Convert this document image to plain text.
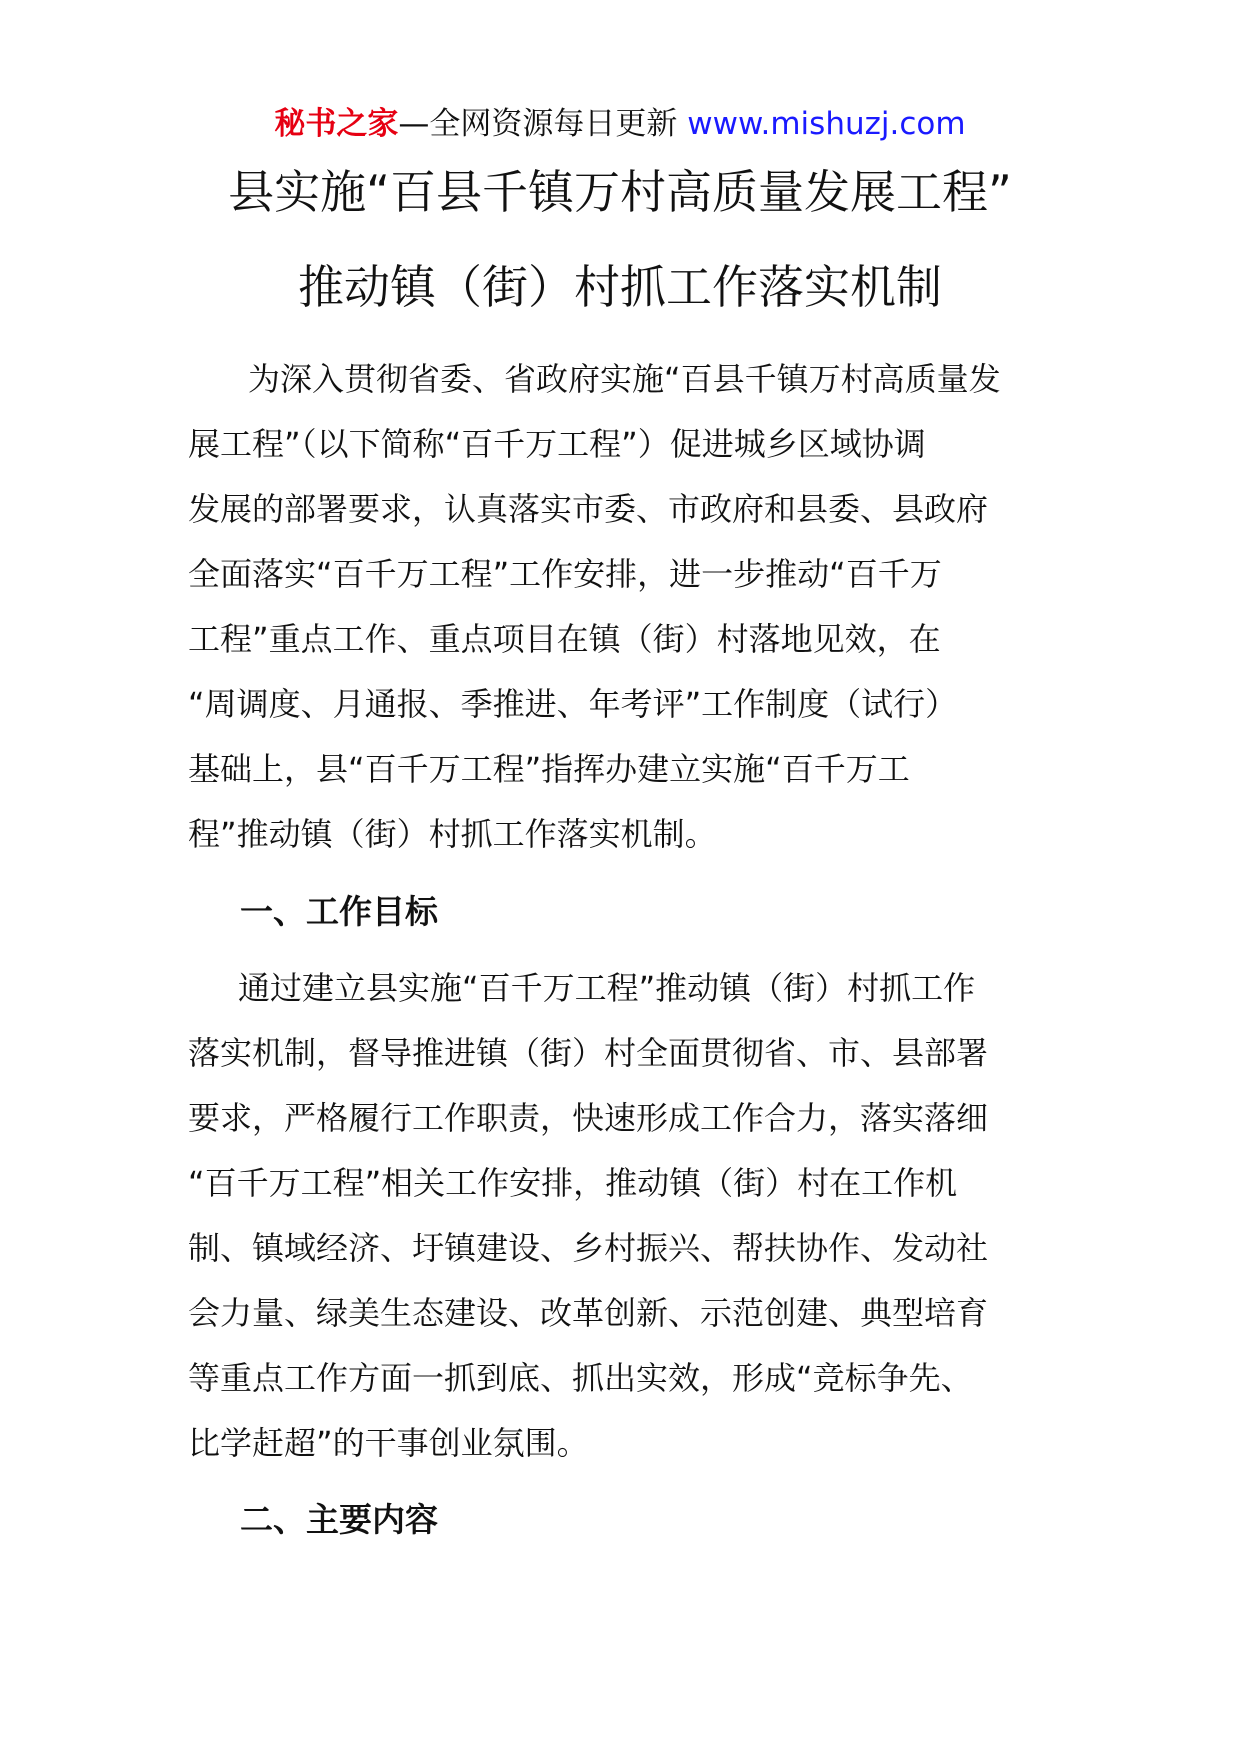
秘书之家—全网资源每日更新 www.mishuzj.com
县实施“百县千镇万村高质量发展工程”
推动镇（街）村抓工作落实机制
为深入贯彻省委、省政府实施“百县千镇万村高质量发
展工程”（以下简称“百千万工程”）促进城乡区域协调
发展的部署要求，认真落实市委、市政府和县委、县政府
全面落实“百千万工程”工作安排，进一步推动“百千万
工程”重点工作、重点项目在镇（街）村落地见效，在
“周调度、月通报、季推进、年考评”工作制度（试行）
基础上，县“百千万工程”指挥办建立实施“百千万工
程”推动镇（街）村抓工作落实机制。
一、工作目标
通过建立县实施“百千万工程”推动镇（街）村抓工作
落实机制，督导推进镇（街）村全面贯彻省、市、县部署
要求，严格履行工作职责，快速形成工作合力，落实落细
“百千万工程”相关工作安排，推动镇（街）村在工作机
制、镇域经济、圩镇建设、乡村振兴、帮扶协作、发动社
会力量、绿美生态建设、改革创新、示范创建、典型培育
等重点工作方面一抓到底、抓出实效，形成“竞标争先、
比学赶超”的干事创业氛围。
二、主要内容
